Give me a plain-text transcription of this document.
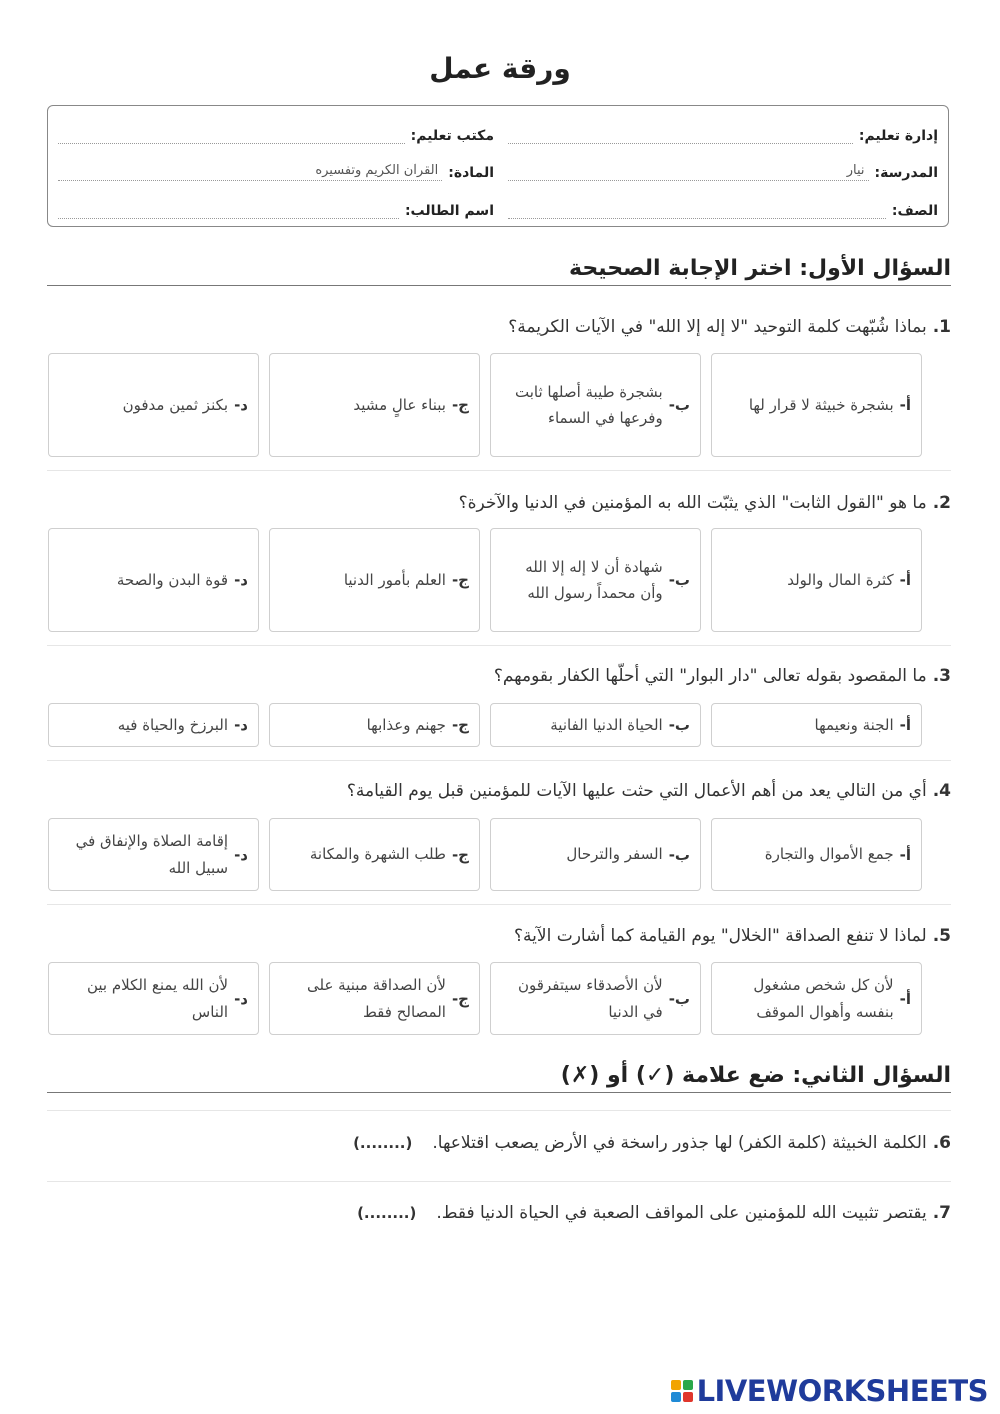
ورقة عمل
إدارة تعليم:
مكتب تعليم:
المدرسة:
نيار
المادة:
القرآن الكريم وتفسيره
الصف:
اسم الطالب:
السؤال الأول: اختر الإجابة الصحيحة
1.بماذا شُبّهت كلمة التوحيد "لا إله إلا الله" في الآيات الكريمة؟
أ-
بشجرة خبيثة لا قرار لها
ب-
بشجرة طيبة أصلها ثابت وفرعها في السماء
ج-
ببناء عالٍ مشيد
د-
بكنز ثمين مدفون
2.ما هو "القول الثابت" الذي يثبّت الله به المؤمنين في الدنيا والآخرة؟
أ-
كثرة المال والولد
ب-
شهادة أن لا إله إلا الله وأن محمداً رسول الله
ج-
العلم بأمور الدنيا
د-
قوة البدن والصحة
3.ما المقصود بقوله تعالى "دار البوار" التي أحلّها الكفار بقومهم؟
أ-
الجنة ونعيمها
ب-
الحياة الدنيا الفانية
ج-
جهنم وعذابها
د-
البرزخ والحياة فيه
4.أي من التالي يعد من أهم الأعمال التي حثت عليها الآيات للمؤمنين قبل يوم القيامة؟
أ-
جمع الأموال والتجارة
ب-
السفر والترحال
ج-
طلب الشهرة والمكانة
د-
إقامة الصلاة والإنفاق في سبيل الله
5.لماذا لا تنفع الصداقة "الخلال" يوم القيامة كما أشارت الآية؟
أ-
لأن كل شخص مشغول بنفسه وأهوال الموقف
ب-
لأن الأصدقاء سيتفرقون في الدنيا
ج-
لأن الصداقة مبنية على المصالح فقط
د-
لأن الله يمنع الكلام بين الناس
السؤال الثاني: ضع علامة (✓) أو (✗)
6.الكلمة الخبيثة (كلمة الكفر) لها جذور راسخة في الأرض يصعب اقتلاعها.(........)
7.يقتصر تثبيت الله للمؤمنين على المواقف الصعبة في الحياة الدنيا فقط.(........)
LIVEWORKSHEETS
